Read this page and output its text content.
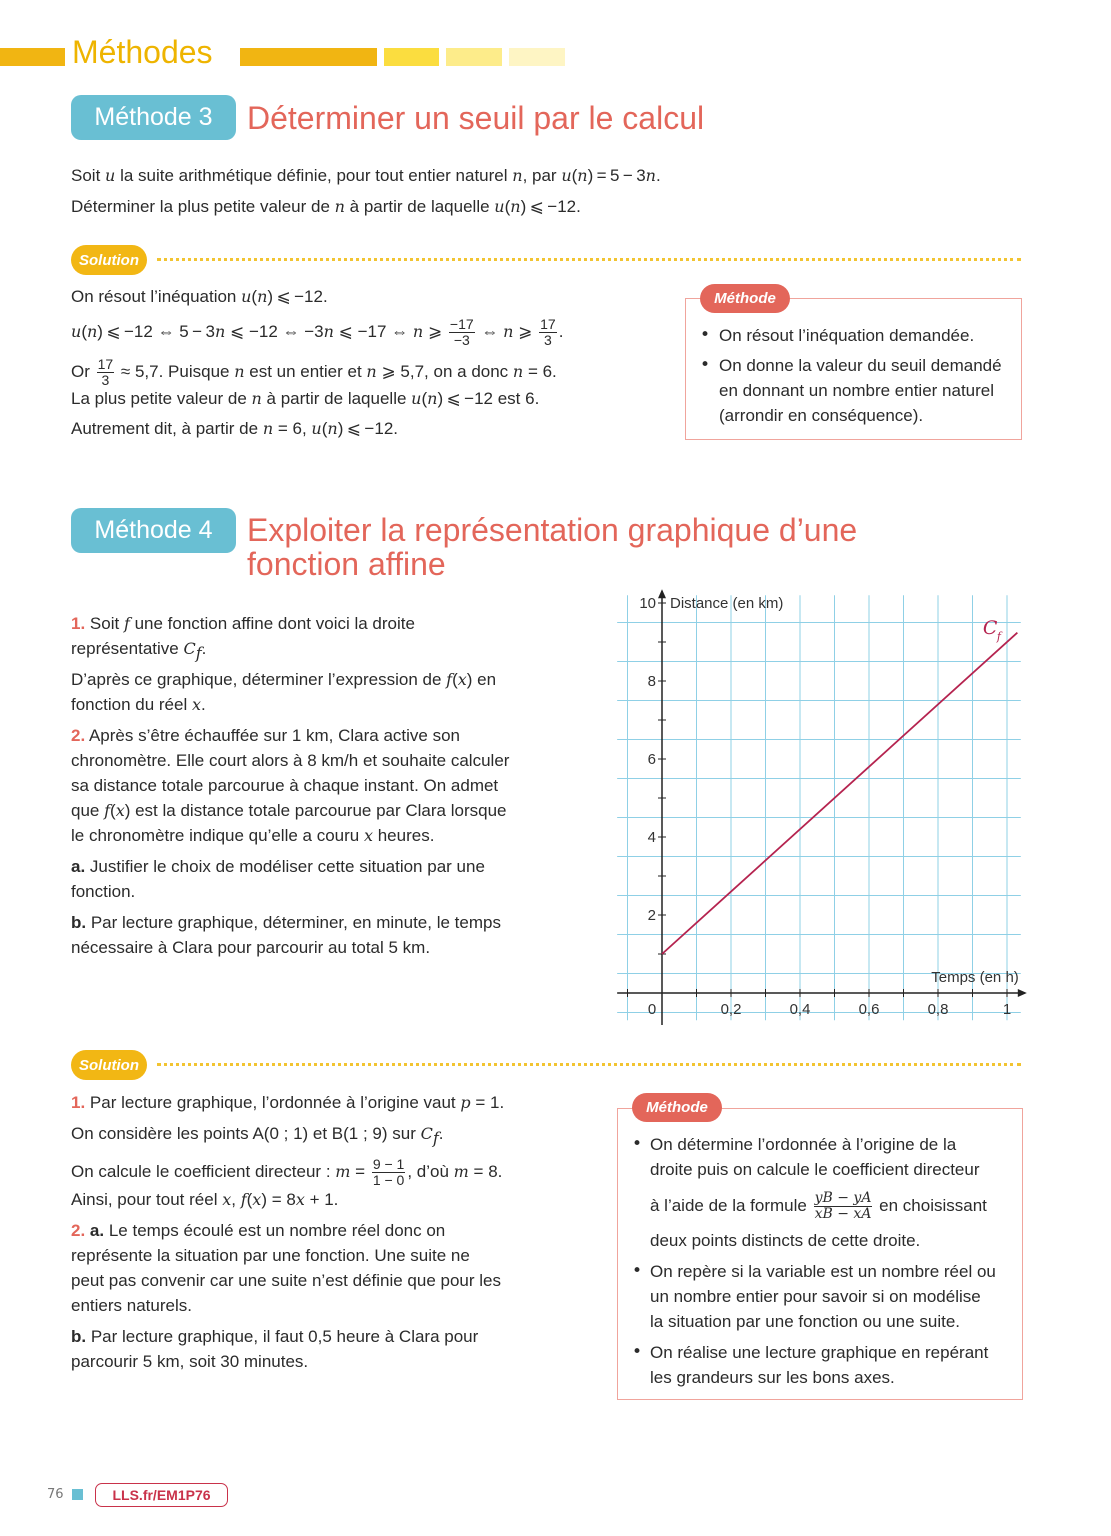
Méthodes
Méthode 3	Déterminer un seuil par le calcul
Soit u la suite arithmétique définie, pour tout entier naturel n, par u(n) = 5 − 3n.
Déterminer la plus petite valeur de n à partir de laquelle u(n) ⩽ −12.
Solution
On résout l’inéquation u(n) ⩽ −12.
u(n) ⩽ −12 ⇔ 5 − 3n ⩽ −12 ⇔ −3n ⩽ −17 ⇔ n ⩾ $\frac{-17}{-3}$ ⇔ n ⩾ $\frac{17}{3}$ .
Or $\frac{17}{3} \approx 5,7$. Puisque n est un entier et n ⩾ 5,7, on a donc n = 6.
La plus petite valeur de n à partir de laquelle u(n) ⩽ −12 est 6.
Autrement dit, à partir de n = 6, u(n) ⩽ −12.
Méthode
• On résout l’inéquation demandée.
• On donne la valeur du seuil demandé
en donnant un nombre entier naturel
(arrondir en conséquence).
Méthode 4	Exploiter la représentation graphique d’une
fonction affine
1. Soit f une fonction affine dont voici la droite
représentative $C_f$.
D’après ce graphique, déterminer l’expression de f(x) en
fonction du réel x.
2. Après s’être échauffée sur 1 km, Clara active son
chronomètre. Elle court alors à 8 km/h et souhaite calculer
sa distance totale parcourue à chaque instant. On admet
que f(x) est la distance totale parcourue par Clara lorsque
le chronomètre indique qu’elle a couru x heures.
a. Justifier le choix de modéliser cette situation par une
fonction.
b. Par lecture graphique, déterminer, en minute, le temps
nécessaire à Clara pour parcourir au total 5 km.
0	0,2	0,4	0,6	0,8	1
2
4
6
8
10 Distance (en km)
Temps (en h)
C f
Solution
1. Par lecture graphique, l’ordonnée à l’origine vaut p = 1.
On considère les points A(0 ; 1) et B(1 ; 9) sur $C_f$.
On calcule le coefficient directeur : $m = \frac{9 - 1}{1 - 0}$ , d’où m = 8.
Ainsi, pour tout réel x, f(x) = 8x + 1.
2. a. Le temps écoulé est un nombre réel donc on
représente la situation par une fonction. Une suite ne
peut pas convenir car une suite n’est définie que pour les
entiers naturels.
b. Par lecture graphique, il faut 0,5 heure à Clara pour
parcourir 5 km, soit 30 minutes.
Méthode
• On détermine l’ordonnée à l’origine de la
droite puis on calcule le coefficient directeur
à l’aide de la formule $\frac{yB - yA}{xB - xA}$ en choisissant
deux points distincts de cette droite.
• On repère si la variable est un nombre réel ou
un nombre entier pour savoir si on modélise
la situation par une fonction ou une suite.
• On réalise une lecture graphique en repérant
les grandeurs sur les bons axes.
76	LLS.fr/EM1P76
